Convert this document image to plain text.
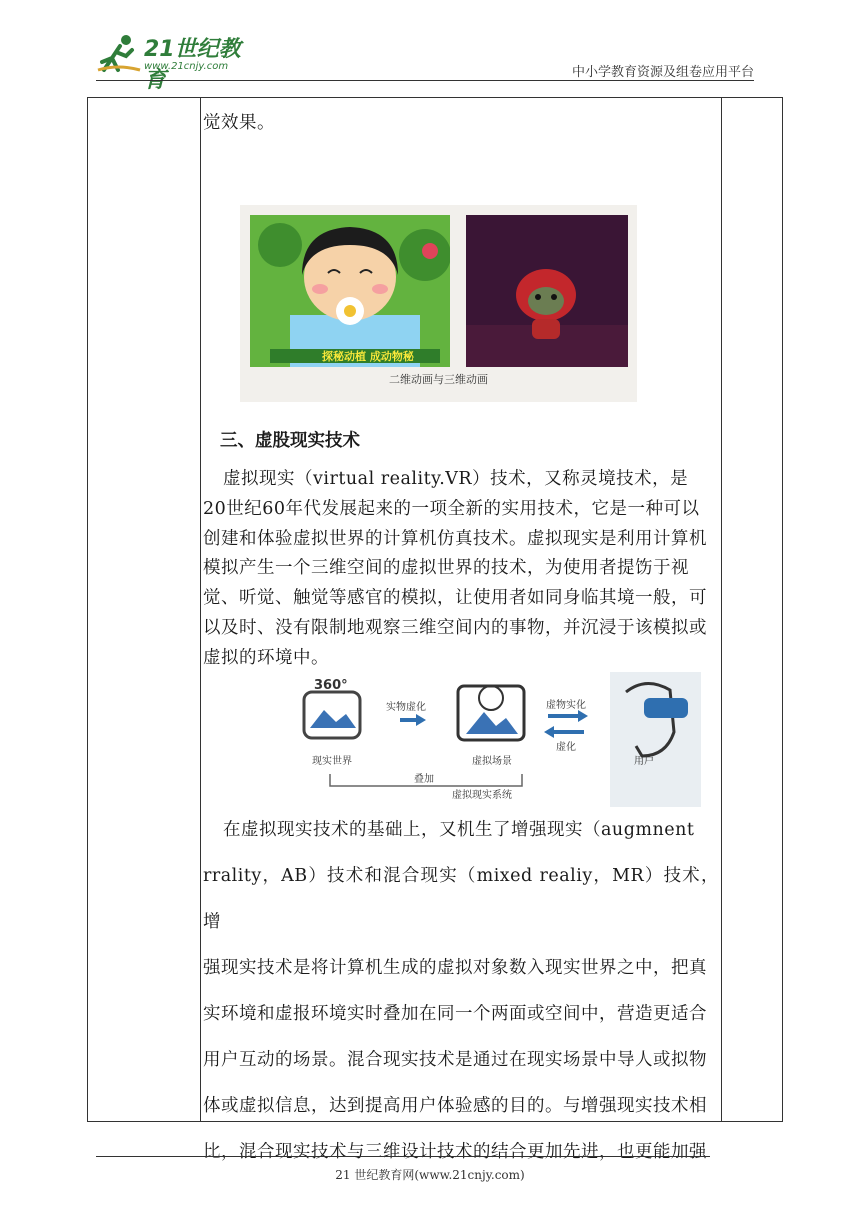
21世纪教育
www.21cnjy.com	中小学教育资源及组卷应用平台
觉效果。
探秘动植 成动物秘
二维动画与三维动画
三、虚股现实技术
虚拟现实（virtual reality.VR）技术，又称灵境技术，是
20世纪60年代发展起来的一项全新的实用技术，它是一种可以
创建和体验虚拟世界的计算机仿真技术。虚拟现实是利用计算机
模拟产生一个三维空间的虚拟世界的技术，为使用者提饬于视
觉、听觉、触觉等感官的模拟，让使用者如同身临其境一般，可
以及时、没有限制地观察三维空间内的事物，并沉浸于该模拟或
虚拟的环境中。
360°
现实世界
实物虚化
虚拟场景
虚物实化
虚化
用户
叠加
虚拟现实系统
在虚拟现实技术的基础上，又机生了增强现实（augmnent
rrality，AB）技术和混合现实（mixed realiy，MR）技术，增
强现实技术是将计算机生成的虚拟对象数入现实世界之中，把真
实环境和虚报环境实时叠加在同一个两面或空间中，营造更适合
用户互动的场景。混合现实技术是通过在现实场景中导人或拟物
体或虚拟信息，达到提高用户体验感的目的。与增强现实技术相
比，混合现实技术与三维设计技术的结合更加先进，也更能加强
21 世纪教育网(www.21cnjy.com)
